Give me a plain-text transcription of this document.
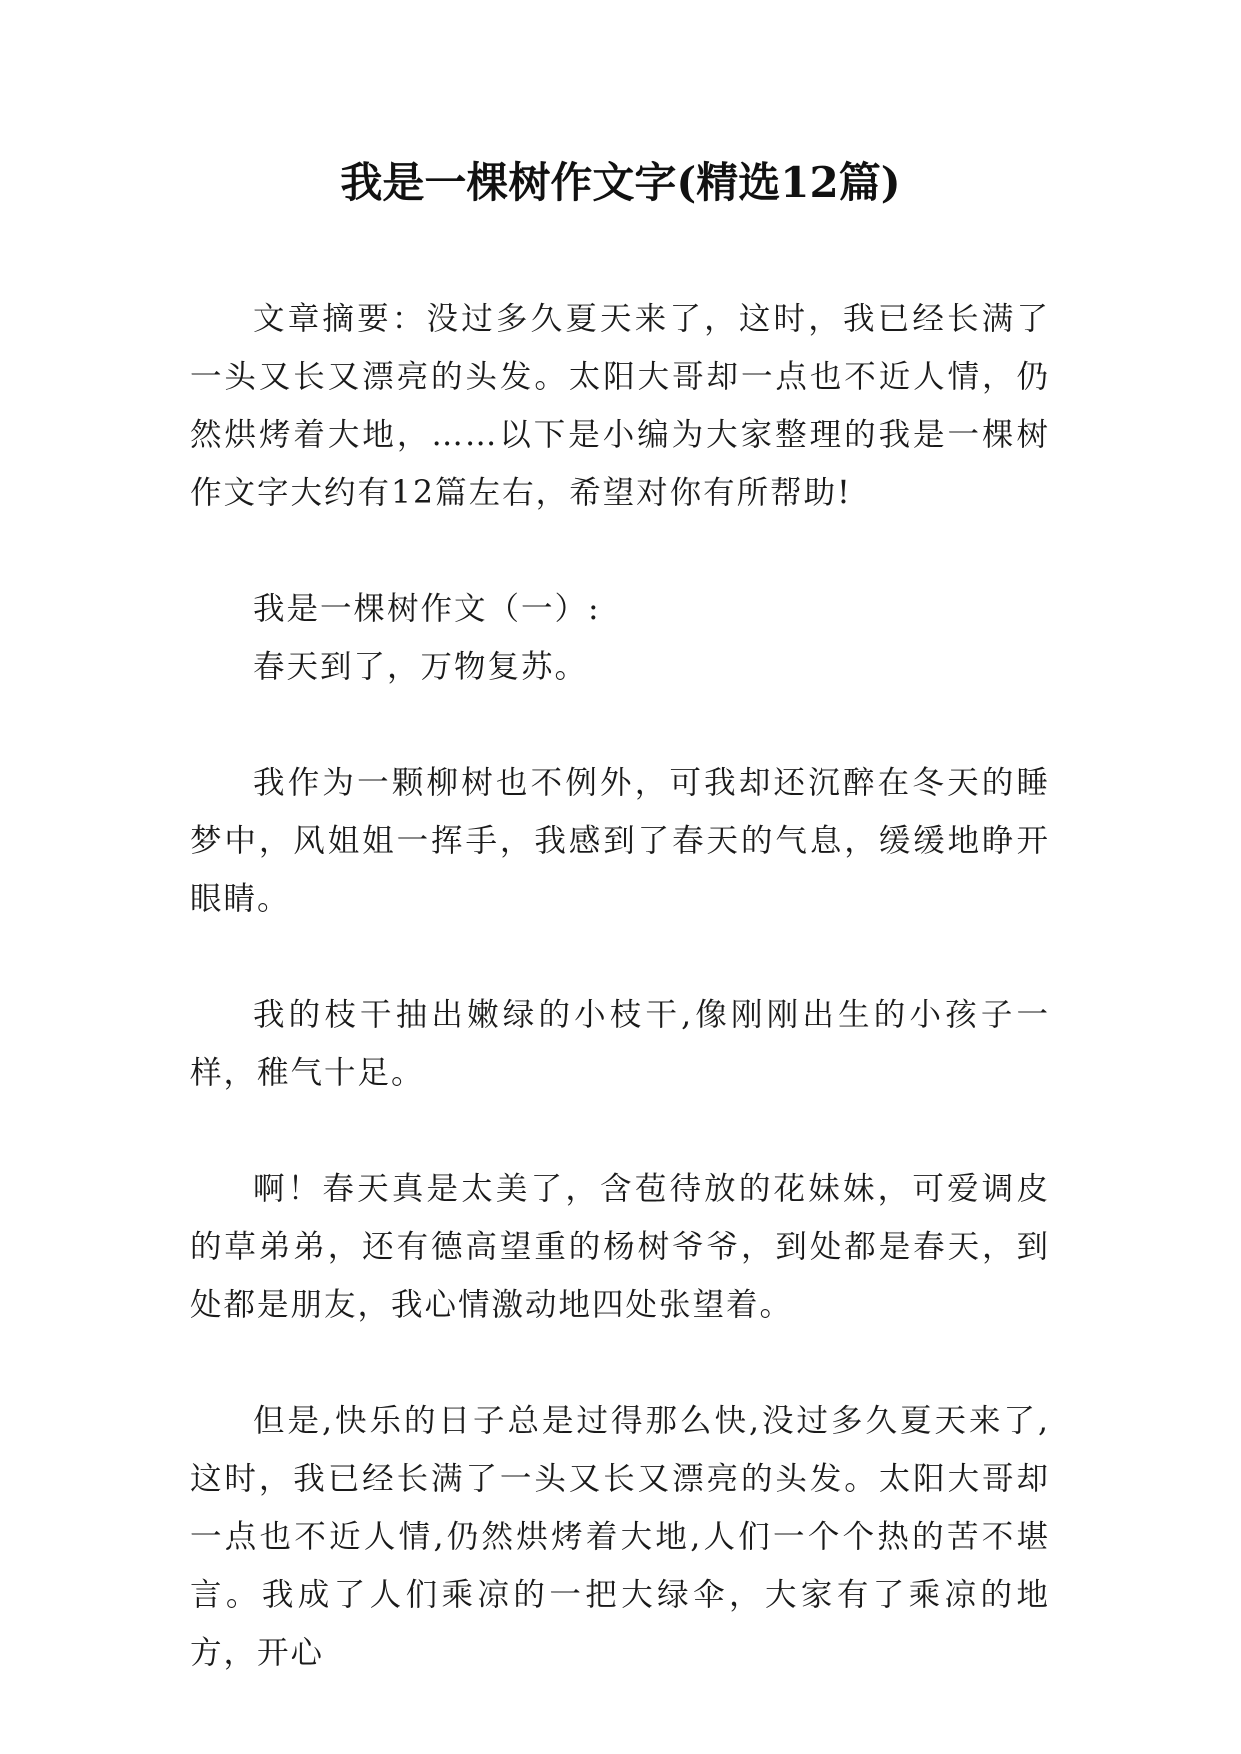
我是一棵树作文字(精选12篇)

文章摘要：没过多久夏天来了，这时，我已经长满了一头又长又漂亮的头发。太阳大哥却一点也不近人情，仍然烘烤着大地，……以下是小编为大家整理的我是一棵树作文字大约有12篇左右，希望对你有所帮助!

我是一棵树作文（一）:

春天到了，万物复苏。

我作为一颗柳树也不例外，可我却还沉醉在冬天的睡梦中，风姐姐一挥手，我感到了春天的气息，缓缓地睁开眼睛。

我的枝干抽出嫩绿的小枝干,像刚刚出生的小孩子一样，稚气十足。

啊！春天真是太美了，含苞待放的花妹妹，可爱调皮的草弟弟，还有德高望重的杨树爷爷，到处都是春天，到处都是朋友，我心情激动地四处张望着。

但是,快乐的日子总是过得那么快,没过多久夏天来了,这时，我已经长满了一头又长又漂亮的头发。太阳大哥却一点也不近人情,仍然烘烤着大地,人们一个个热的苦不堪言。我成了人们乘凉的一把大绿伞，大家有了乘凉的地方，开心
